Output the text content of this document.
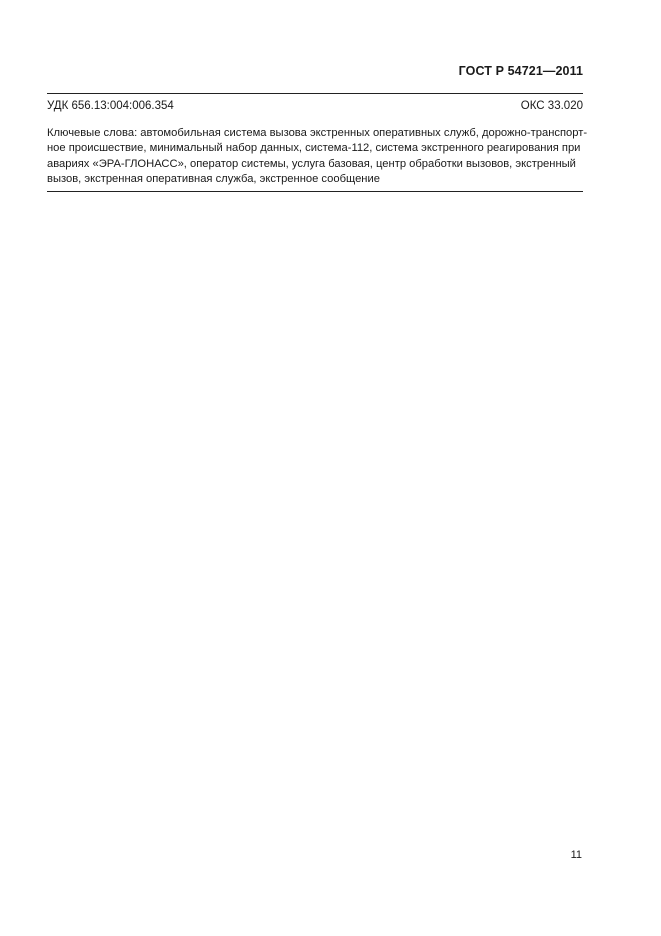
ГОСТ Р 54721—2011
УДК 656.13:004:006.354	ОКС 33.020
Ключевые слова: автомобильная система вызова экстренных оперативных служб, дорожно-транспорт-
ное происшествие, минимальный набор данных, система-112, система экстренного реагирования при
авариях «ЭРА-ГЛОНАСС», оператор системы, услуга базовая, центр обработки вызовов, экстренный
вызов, экстренная оперативная служба, экстренное сообщение
11
